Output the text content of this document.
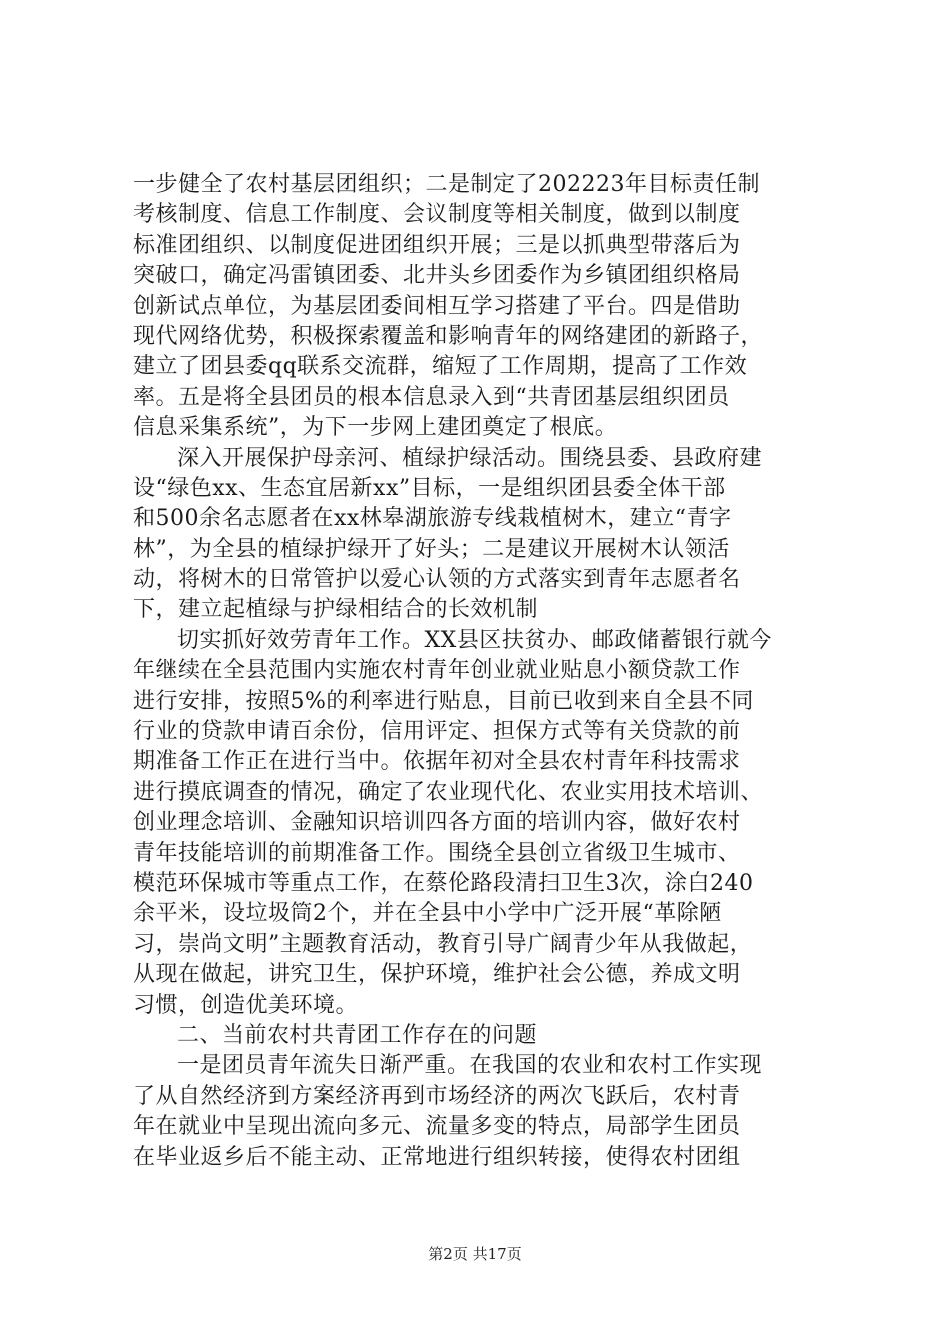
一步健全了农村基层团组织；二是制定了202223年目标责任制
考核制度、信息工作制度、会议制度等相关制度，做到以制度
标准团组织、以制度促进团组织开展；三是以抓典型带落后为
突破口，确定冯雷镇团委、北井头乡团委作为乡镇团组织格局
创新试点单位，为基层团委间相互学习搭建了平台。四是借助
现代网络优势，积极探索覆盖和影响青年的网络建团的新路子，
建立了团县委qq联系交流群，缩短了工作周期，提高了工作效
率。五是将全县团员的根本信息录入到“共青团基层组织团员
信息采集系统”，为下一步网上建团奠定了根底。
深入开展保护母亲河、植绿护绿活动。围绕县委、县政府建
设“绿色xx、生态宜居新xx”目标，一是组织团县委全体干部
和500余名志愿者在xx林皋湖旅游专线栽植树木，建立“青字
林”，为全县的植绿护绿开了好头；二是建议开展树木认领活
动，将树木的日常管护以爱心认领的方式落实到青年志愿者名
下，建立起植绿与护绿相结合的长效机制
切实抓好效劳青年工作。XX县区扶贫办、邮政储蓄银行就今
年继续在全县范围内实施农村青年创业就业贴息小额贷款工作
进行安排，按照5%的利率进行贴息，目前已收到来自全县不同
行业的贷款申请百余份，信用评定、担保方式等有关贷款的前
期准备工作正在进行当中。依据年初对全县农村青年科技需求
进行摸底调查的情况，确定了农业现代化、农业实用技术培训、
创业理念培训、金融知识培训四各方面的培训内容，做好农村
青年技能培训的前期准备工作。围绕全县创立省级卫生城市、
模范环保城市等重点工作，在蔡伦路段清扫卫生3次，涂白240
余平米，设垃圾筒2个，并在全县中小学中广泛开展“革除陋
习，崇尚文明”主题教育活动，教育引导广阔青少年从我做起，
从现在做起，讲究卫生，保护环境，维护社会公德，养成文明
习惯，创造优美环境。
二、当前农村共青团工作存在的问题
一是团员青年流失日渐严重。在我国的农业和农村工作实现
了从自然经济到方案经济再到市场经济的两次飞跃后，农村青
年在就业中呈现出流向多元、流量多变的特点，局部学生团员
在毕业返乡后不能主动、正常地进行组织转接，使得农村团组
第2页 共17页
